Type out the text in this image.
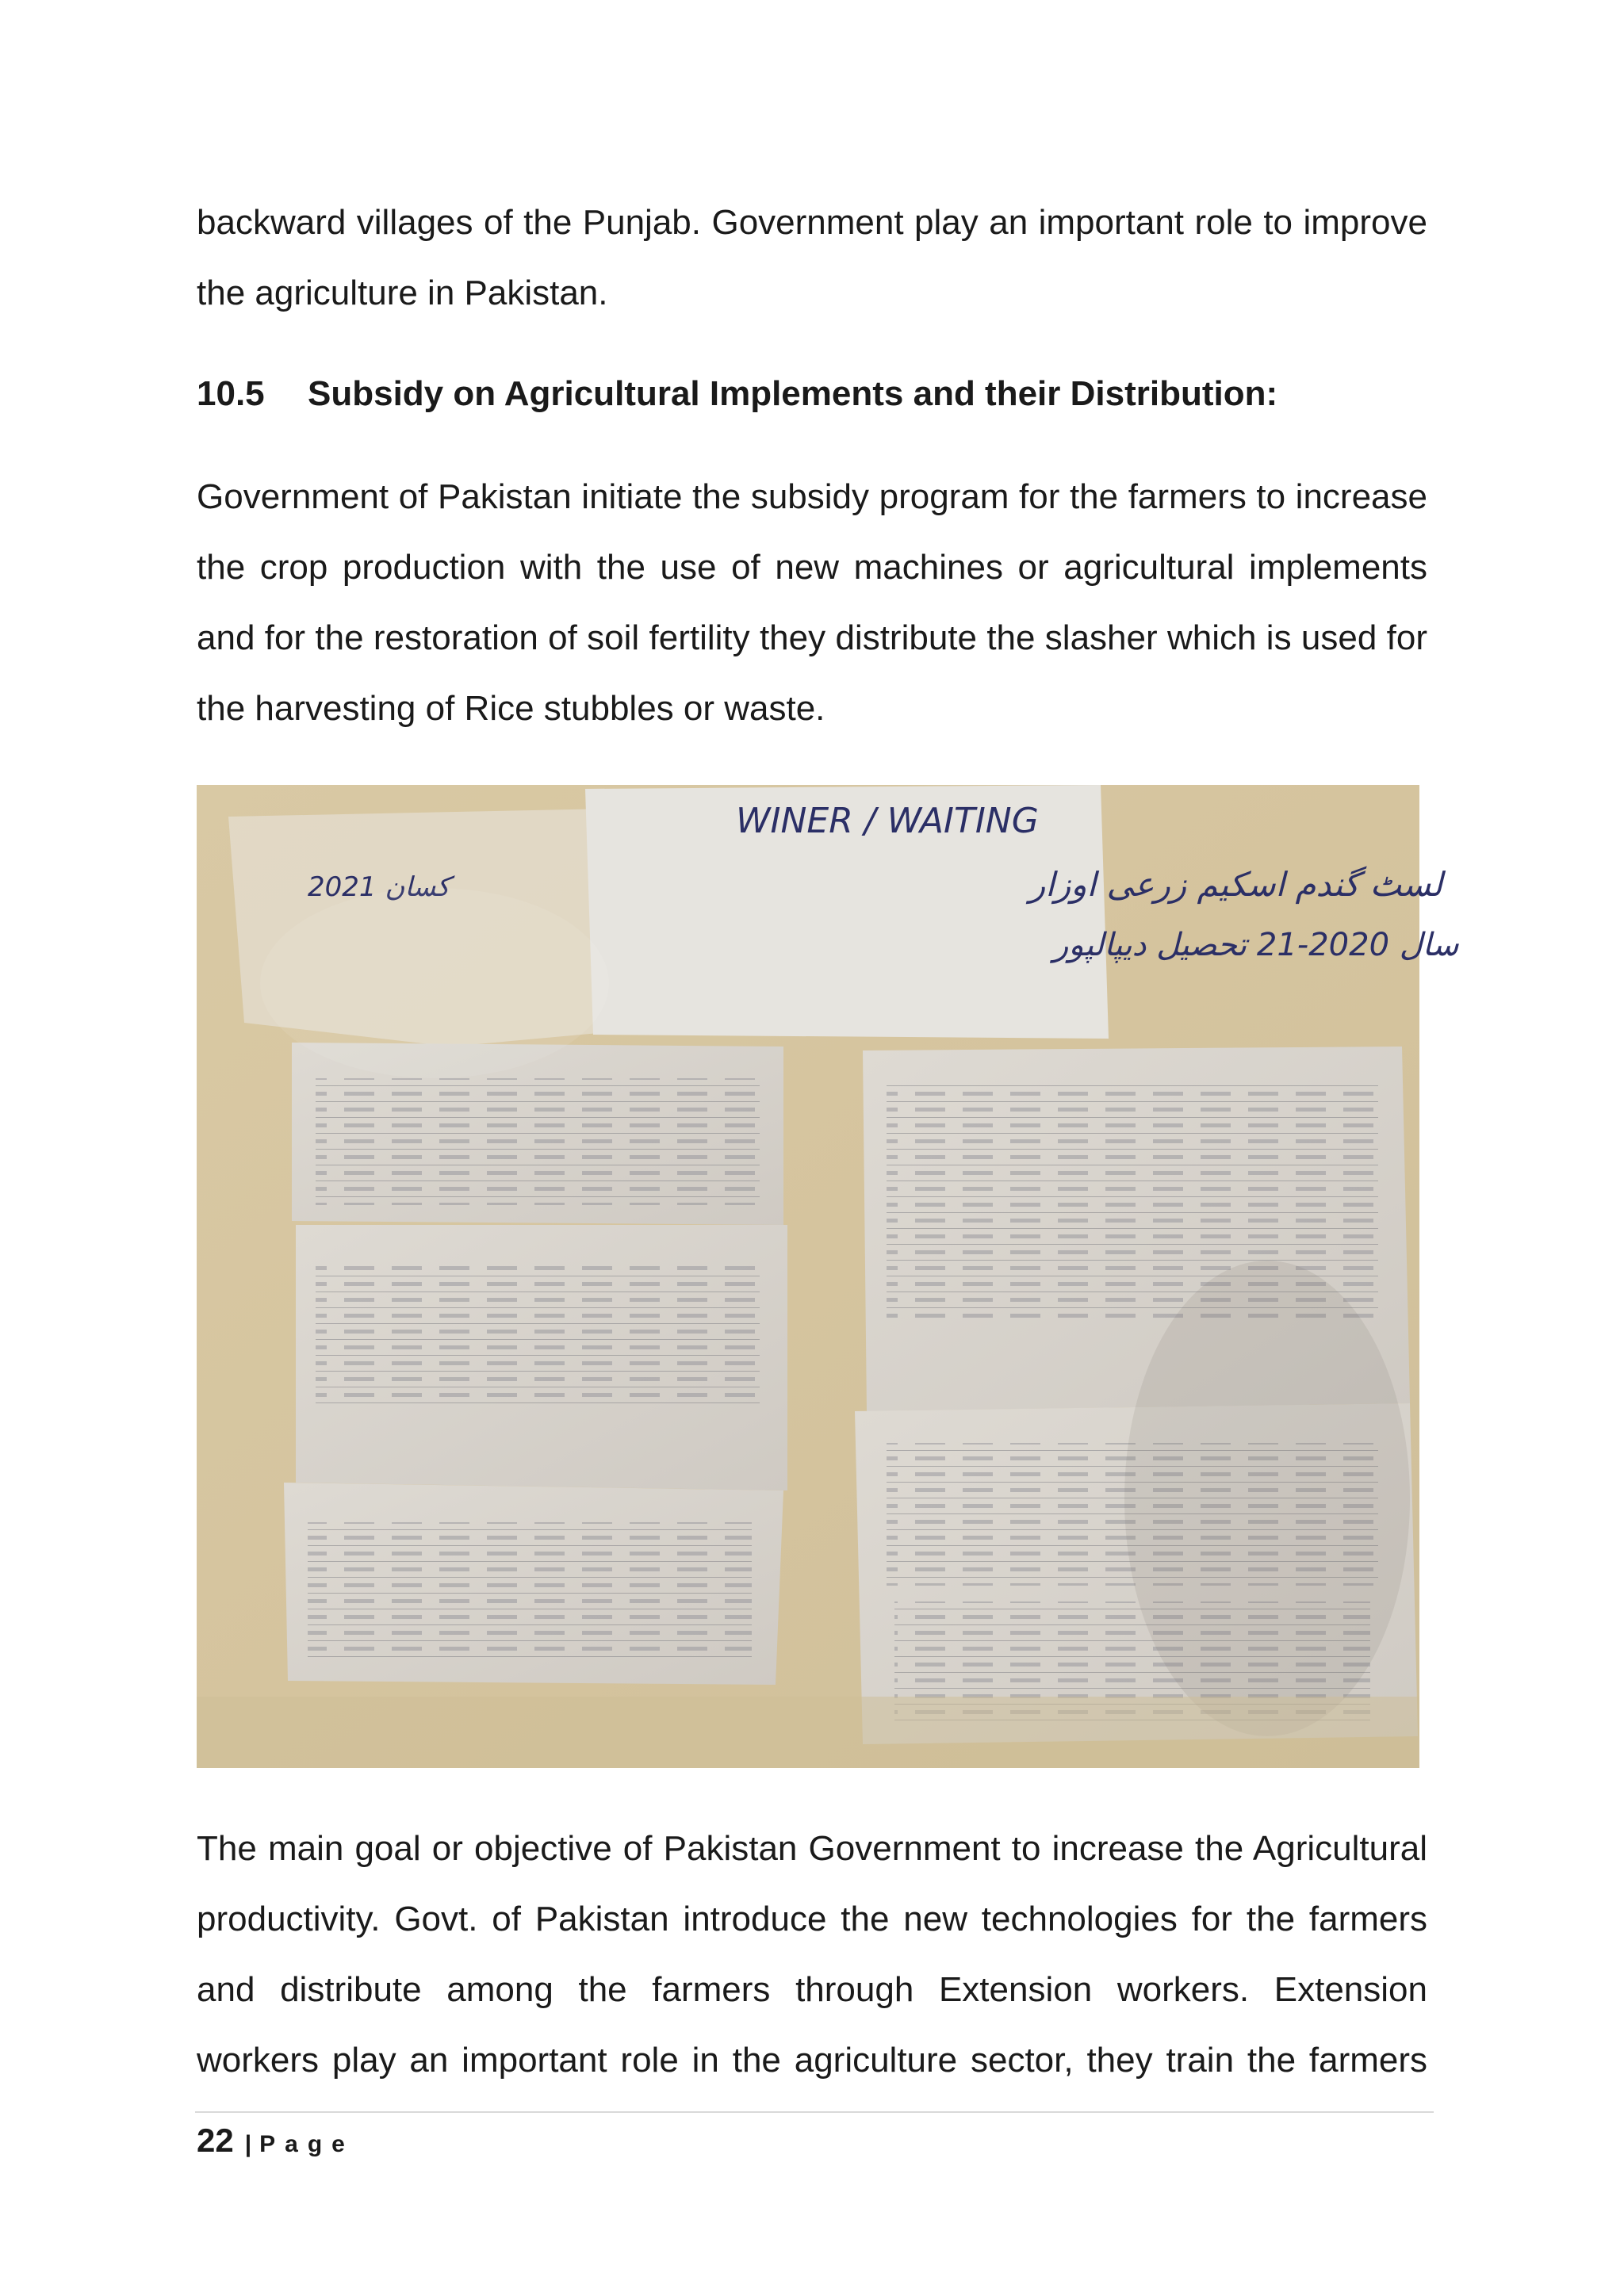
backward villages of the Punjab. Government play an important role to improve

the agriculture in Pakistan.

10.5 Subsidy on Agricultural Implements and their Distribution:

Government of Pakistan initiate the subsidy program for the farmers to increase the crop production with the use of new machines or agricultural implements and for the restoration of soil fertility they distribute the slasher which is used for the harvesting of Rice stubbles or waste.

WINER / WAITING
لسٹ گندم اسکیم زرعی اوزار
سال 2020-21 تحصیل دیپالپور
2021 کسان

The main goal or objective of Pakistan Government to increase the Agricultural productivity. Govt. of Pakistan introduce the new technologies for the farmers and distribute among the farmers through Extension workers. Extension workers play an important role in the agriculture sector, they train the farmers

22 | Page
